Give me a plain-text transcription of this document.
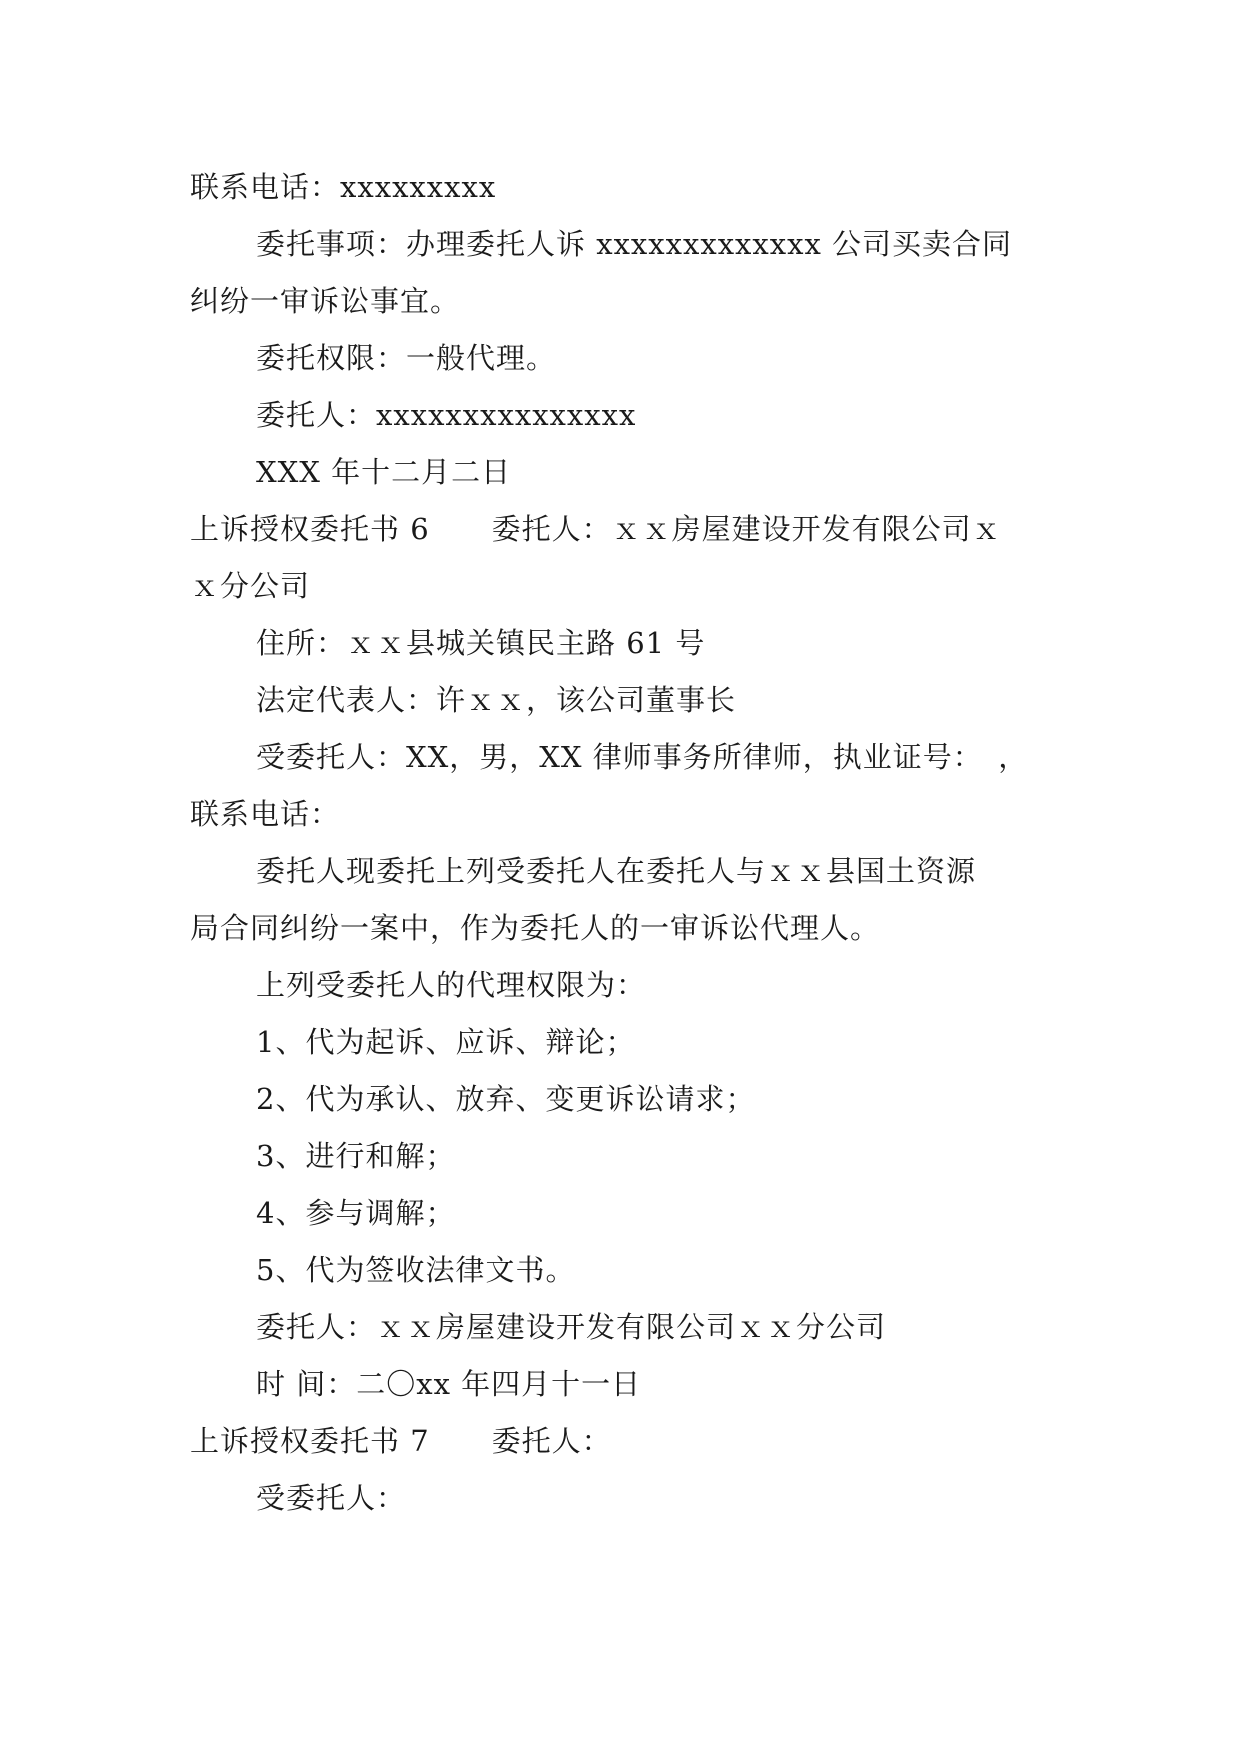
联系电话：xxxxxxxxx
委托事项：办理委托人诉 xxxxxxxxxxxxx 公司买卖合同
纠纷一审诉讼事宜。
委托权限：一般代理。
委托人：xxxxxxxxxxxxxxx
XXX 年十二月二日
上诉授权委托书 6 委托人：ｘｘ房屋建设开发有限公司ｘ
ｘ分公司
住所：ｘｘ县城关镇民主路 61 号
法定代表人：许ｘｘ，该公司董事长
受委托人：XX，男，XX 律师事务所律师，执业证号：　，
联系电话：
委托人现委托上列受委托人在委托人与ｘｘ县国土资源
局合同纠纷一案中，作为委托人的一审诉讼代理人。
上列受委托人的代理权限为：
1、代为起诉、应诉、辩论；
2、代为承认、放弃、变更诉讼请求；
3、进行和解；
4、参与调解；
5、代为签收法律文书。
委托人：ｘｘ房屋建设开发有限公司ｘｘ分公司
时 间：二〇xx 年四月十一日
上诉授权委托书 7 委托人：
受委托人：
